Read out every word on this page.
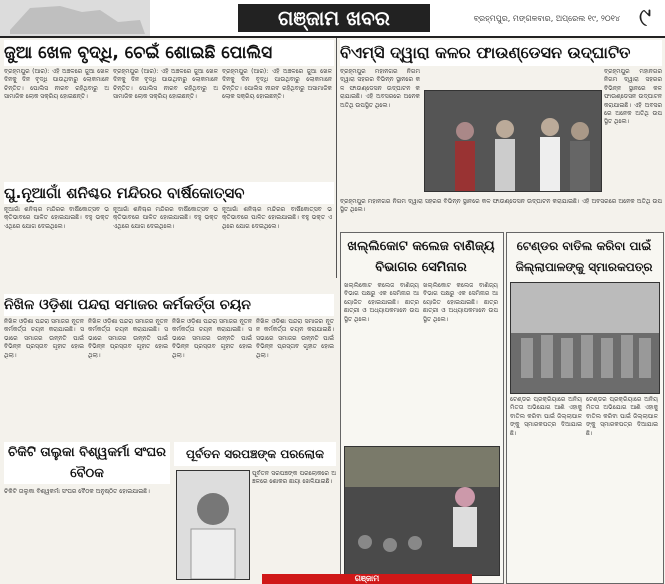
ଗଞ୍ଜାମ ଖବର	ବ୍ରହ୍ମପୁର, ମଙ୍ଗଳବାର, ଅପ୍ରେଲ ୧୯, ୨୦୧୪ ୯
ଜୁଆ ଖେଳ ବୃଦ୍ଧି, ଚେଇଁ ଶୋଇଛି ପୋଲିସ
ବ୍ରହ୍ମପୁର (ଆର): ଏହି ଅଞ୍ଚଳରେ ଜୁଆ ଖେଳ ଦିନକୁ ଦିନ ବୃଦ୍ଧି ପାଉଥିବାରୁ ଲୋକମାନେ ଚିନ୍ତିତ। ପୋଲିସ ନୀରବ ରହିଥିବାରୁ ଅସାମାଜିକ ଲୋକ ସକ୍ରିୟ ହୋଇଛନ୍ତି।
ବ୍ରହ୍ମପୁର (ଆର): ଏହି ଅଞ୍ଚଳରେ ଜୁଆ ଖେଳ ଦିନକୁ ଦିନ ବୃଦ୍ଧି ପାଉଥିବାରୁ ଲୋକମାନେ ଚିନ୍ତିତ। ପୋଲିସ ନୀରବ ରହିଥିବାରୁ ଅସାମାଜିକ ଲୋକ ସକ୍ରିୟ ହୋଇଛନ୍ତି।
ବ୍ରହ୍ମପୁର (ଆର): ଏହି ଅଞ୍ଚଳରେ ଜୁଆ ଖେଳ ଦିନକୁ ଦିନ ବୃଦ୍ଧି ପାଉଥିବାରୁ ଲୋକମାନେ ଚିନ୍ତିତ। ପୋଲିସ ନୀରବ ରହିଥିବାରୁ ଅସାମାଜିକ ଲୋକ ସକ୍ରିୟ ହୋଇଛନ୍ତି।
ବିଏମ୍‌ସି ଦ୍ୱାରା କଳର ଫାଉଣ୍ଡେସନ ଉଦ୍‌ଘାଟିତ
ବ୍ରହ୍ମପୁର ମହାନଗର ନିଗମ ଦ୍ୱାରା ସହରର ବିଭିନ୍ନ ସ୍ଥାନରେ କଳ ଫାଉଣ୍ଡେସନ ଉଦ୍‌ଘାଟନ କରାଯାଇଛି। ଏହି ଅବସରରେ ଅନେକ ଅତିଥି ଉପସ୍ଥିତ ଥିଲେ।
ବ୍ରହ୍ମପୁର ମହାନଗର ନିଗମ ଦ୍ୱାରା ସହରର ବିଭିନ୍ନ ସ୍ଥାନରେ କଳ ଫାଉଣ୍ଡେସନ ଉଦ୍‌ଘାଟନ କରାଯାଇଛି। ଏହି ଅବସରରେ ଅନେକ ଅତିଥି ଉପସ୍ଥିତ ଥିଲେ।
ବ୍ରହ୍ମପୁର ମହାନଗର ନିଗମ ଦ୍ୱାରା ସହରର ବିଭିନ୍ନ ସ୍ଥାନରେ କଳ ଫାଉଣ୍ଡେସନ ଉଦ୍‌ଘାଟନ କରାଯାଇଛି। ଏହି ଅବସରରେ ଅନେକ ଅତିଥି ଉପସ୍ଥିତ ଥିଲେ।
ଘୁ.ନୂଆଗାଁ ଶନିଶ୍ଚର ମନ୍ଦିରର ବାର୍ଷିକୋତ୍ସବ
ନୂଆଗାଁ ଶନିଶ୍ଚର ମନ୍ଦିରର ବାର୍ଷିକୋତ୍ସବ ଭକ୍ତିଭାବରେ ପାଳିତ ହୋଇଯାଇଛି। ବହୁ ଭକ୍ତ ଏଥିରେ ଯୋଗ ଦେଇଥିଲେ।
ନୂଆଗାଁ ଶନିଶ୍ଚର ମନ୍ଦିରର ବାର୍ଷିକୋତ୍ସବ ଭକ୍ତିଭାବରେ ପାଳିତ ହୋଇଯାଇଛି। ବହୁ ଭକ୍ତ ଏଥିରେ ଯୋଗ ଦେଇଥିଲେ।
ନୂଆଗାଁ ଶନିଶ୍ଚର ମନ୍ଦିରର ବାର୍ଷିକୋତ୍ସବ ଭକ୍ତିଭାବରେ ପାଳିତ ହୋଇଯାଇଛି। ବହୁ ଭକ୍ତ ଏଥିରେ ଯୋଗ ଦେଇଥିଲେ।
ଖଲ୍ଲିକୋଟ କଲେଜ ବାଣିଜ୍ୟ ବିଭାଗର ସେମିନାର
ଖଲ୍ଲିକୋଟ କଲେଜ ବାଣିଜ୍ୟ ବିଭାଗ ପକ୍ଷରୁ ଏକ ସେମିନାର ଆୟୋଜିତ ହୋଇଯାଇଛି। ଛାତ୍ରଛାତ୍ରୀ ଓ ଅଧ୍ୟାପକମାନେ ଉପସ୍ଥିତ ଥିଲେ।
ଖଲ୍ଲିକୋଟ କଲେଜ ବାଣିଜ୍ୟ ବିଭାଗ ପକ୍ଷରୁ ଏକ ସେମିନାର ଆୟୋଜିତ ହୋଇଯାଇଛି। ଛାତ୍ରଛାତ୍ରୀ ଓ ଅଧ୍ୟାପକମାନେ ଉପସ୍ଥିତ ଥିଲେ।
ଟେଣ୍ଡର ବାତିଲ କରିବା ପାଇଁ ଜିଲ୍ଲାପାଳଙ୍କୁ ସ୍ମାରକପତ୍ର
ଟେଣ୍ଡର ପ୍ରକ୍ରିୟାରେ ଅନିୟମିତତା ଅଭିଯୋଗ ଆଣି ଏହାକୁ ବାତିଲ କରିବା ପାଇଁ ଜିଲ୍ଲାପାଳଙ୍କୁ ସ୍ମାରକପତ୍ର ଦିଆଯାଇଛି।
ଟେଣ୍ଡର ପ୍ରକ୍ରିୟାରେ ଅନିୟମିତତା ଅଭିଯୋଗ ଆଣି ଏହାକୁ ବାତିଲ କରିବା ପାଇଁ ଜିଲ୍ଲାପାଳଙ୍କୁ ସ୍ମାରକପତ୍ର ଦିଆଯାଇଛି।
ନିଖିଳ ଓଡ଼ିଶା ପନ୍ଦରା ସମାଜର କର୍ମକର୍ତ୍ତା ଚୟନ
ନିଖିଳ ଓଡ଼ିଶା ପନ୍ଦରା ସମାଜର ନୂତନ କର୍ମକର୍ତ୍ତା ଚୟନ କରାଯାଇଛି। ସଭାରେ ସମାଜର ଉନ୍ନତି ପାଇଁ ବିଭିନ୍ନ ପ୍ରସ୍ତାବ ଗୃହୀତ ହୋଇଥିଲା।
ନିଖିଳ ଓଡ଼ିଶା ପନ୍ଦରା ସମାଜର ନୂତନ କର୍ମକର୍ତ୍ତା ଚୟନ କରାଯାଇଛି। ସଭାରେ ସମାଜର ଉନ୍ନତି ପାଇଁ ବିଭିନ୍ନ ପ୍ରସ୍ତାବ ଗୃହୀତ ହୋଇଥିଲା।
ନିଖିଳ ଓଡ଼ିଶା ପନ୍ଦରା ସମାଜର ନୂତନ କର୍ମକର୍ତ୍ତା ଚୟନ କରାଯାଇଛି। ସଭାରେ ସମାଜର ଉନ୍ନତି ପାଇଁ ବିଭିନ୍ନ ପ୍ରସ୍ତାବ ଗୃହୀତ ହୋଇଥିଲା।
ନିଖିଳ ଓଡ଼ିଶା ପନ୍ଦରା ସମାଜର ନୂତନ କର୍ମକର୍ତ୍ତା ଚୟନ କରାଯାଇଛି। ସଭାରେ ସମାଜର ଉନ୍ନତି ପାଇଁ ବିଭିନ୍ନ ପ୍ରସ୍ତାବ ଗୃହୀତ ହୋଇଥିଲା।
ଚିକିଟି ତାଲୁକା ବିଶ୍ୱକର୍ମା ସଂଘର ବୈଠକ
ଚିକିଟି ତାଲୁକା ବିଶ୍ୱକର୍ମା ସଂଘର ବୈଠକ ଅନୁଷ୍ଠିତ ହୋଇଯାଇଛି।
ପୂର୍ବତନ ସରପଞ୍ଚଙ୍କ ପରଲୋକ
ପୂର୍ବତନ ସରପଞ୍ଚଙ୍କ ପରଲୋକରେ ଅଞ୍ଚଳରେ ଶୋକର ଛାୟା ଖେଳିଯାଇଛି।
ଗଞ୍ଜାମ
